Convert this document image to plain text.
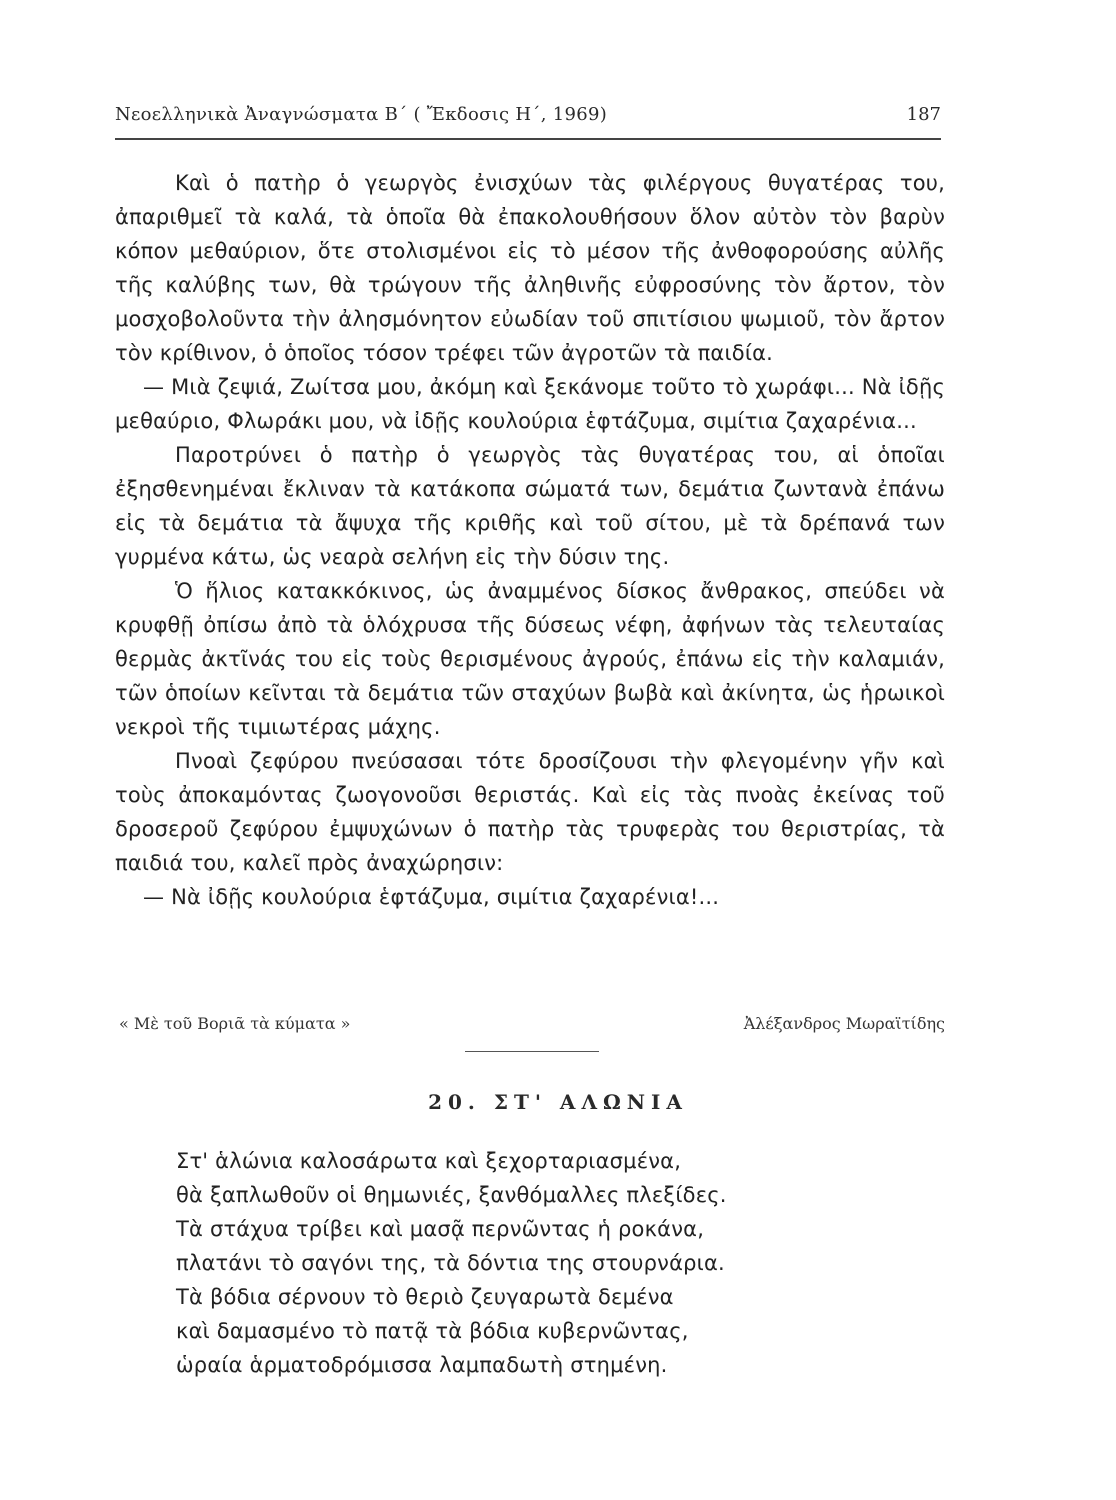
Νεοελληνικὰ Ἀναγνώσματα Β΄ ( Ἔκδοσις Η΄, 1969)	187

Καὶ ὁ πατὴρ ὁ γεωργὸς ἐνισχύων τὰς φιλέργους θυγατέρας του, ἀπαριθμεῖ τὰ καλά, τὰ ὁποῖα θὰ ἐπακολουθήσουν ὅλον αὐτὸν τὸν βαρὺν κόπον μεθαύριον, ὅτε στολισμένοι εἰς τὸ μέσον τῆς ἀνθοφορούσης αὐλῆς τῆς καλύβης των, θὰ τρώγουν τῆς ἀληθινῆς εὐφροσύνης τὸν ἄρτον, τὸν μοσχοβολοῦντα τὴν ἀλησμόνητον εὐωδίαν τοῦ σπιτίσιου ψωμιοῦ, τὸν ἄρτον τὸν κρίθινον, ὁ ὁποῖος τόσον τρέφει τῶν ἀγροτῶν τὰ παιδία.

— Μιὰ ζεψιά, Ζωίτσα μου, ἀκόμη καὶ ξεκάνομε τοῦτο τὸ χωράφι... Νὰ ἰδῇς μεθαύριο, Φλωράκι μου, νὰ ἰδῇς κουλούρια ἑφτάζυμα, σιμίτια ζαχαρένια...

Παροτρύνει ὁ πατὴρ ὁ γεωργὸς τὰς θυγατέρας του, αἱ ὁποῖαι ἐξησθενημέναι ἔκλιναν τὰ κατάκοπα σώματά των, δεμάτια ζωντανὰ ἐπάνω εἰς τὰ δεμάτια τὰ ἄψυχα τῆς κριθῆς καὶ τοῦ σίτου, μὲ τὰ δρέπανά των γυρμένα κάτω, ὡς νεαρὰ σελήνη εἰς τὴν δύσιν της.

Ὁ ἥλιος κατακκόκινος, ὡς ἀναμμένος δίσκος ἄνθρακος, σπεύδει νὰ κρυφθῇ ὀπίσω ἀπὸ τὰ ὁλόχρυσα τῆς δύσεως νέφη, ἀφήνων τὰς τελευταίας θερμὰς ἀκτῖνάς του εἰς τοὺς θερισμένους ἀγρούς, ἐπάνω εἰς τὴν καλαμιάν, τῶν ὁποίων κεῖνται τὰ δεμάτια τῶν σταχύων βωβὰ καὶ ἀκίνητα, ὡς ἡρωικοὶ νεκροὶ τῆς τιμιωτέρας μάχης.

Πνοαὶ ζεφύρου πνεύσασαι τότε δροσίζουσι τὴν φλεγομένην γῆν καὶ τοὺς ἀποκαμόντας ζωογονοῦσι θεριστάς. Καὶ εἰς τὰς πνοὰς ἐκείνας τοῦ δροσεροῦ ζεφύρου ἐμψυχώνων ὁ πατὴρ τὰς τρυφερὰς του θεριστρίας, τὰ παιδιά του, καλεῖ πρὸς ἀναχώρησιν:

— Νὰ ἰδῇς κουλούρια ἑφτάζυμα, σιμίτια ζαχαρένια!...

« Μὲ τοῦ Βοριᾶ τὰ κύματα »	Ἀλέξανδρος Μωραϊτίδης
20. ΣΤ' ΑΛΩΝΙΑ
Στ' ἁλώνια καλοσάρωτα καὶ ξεχορταριασμένα,
θὰ ξαπλωθοῦν οἱ θημωνιές, ξανθόμαλλες πλεξίδες.
Τὰ στάχυα τρίβει καὶ μασᾷ περνῶντας ἡ ροκάνα,
πλατάνι τὸ σαγόνι της, τὰ δόντια της στουρνάρια.
Τὰ βόδια σέρνουν τὸ θεριὸ ζευγαρωτὰ δεμένα
καὶ δαμασμένο τὸ πατᾷ τὰ βόδια κυβερνῶντας,
ὡραία ἁρματοδρόμισσα λαμπαδωτὴ στημένη.
